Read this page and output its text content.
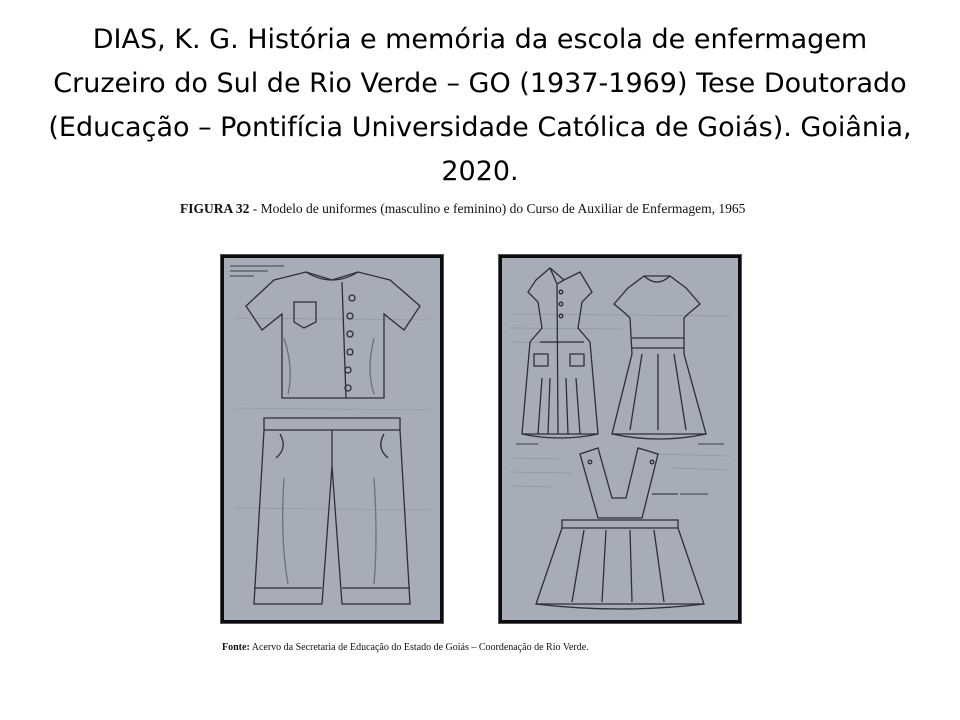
DIAS, K. G. História e memória da escola de enfermagem Cruzeiro do Sul de Rio Verde – GO (1937-1969) Tese Doutorado (Educação – Pontifícia Universidade Católica de Goiás). Goiânia, 2020.
FIGURA 32 - Modelo de uniformes (masculino e feminino) do Curso de Auxiliar de Enfermagem, 1965
Fonte: Acervo da Secretaria de Educação do Estado de Goiás – Coordenação de Rio Verde.
